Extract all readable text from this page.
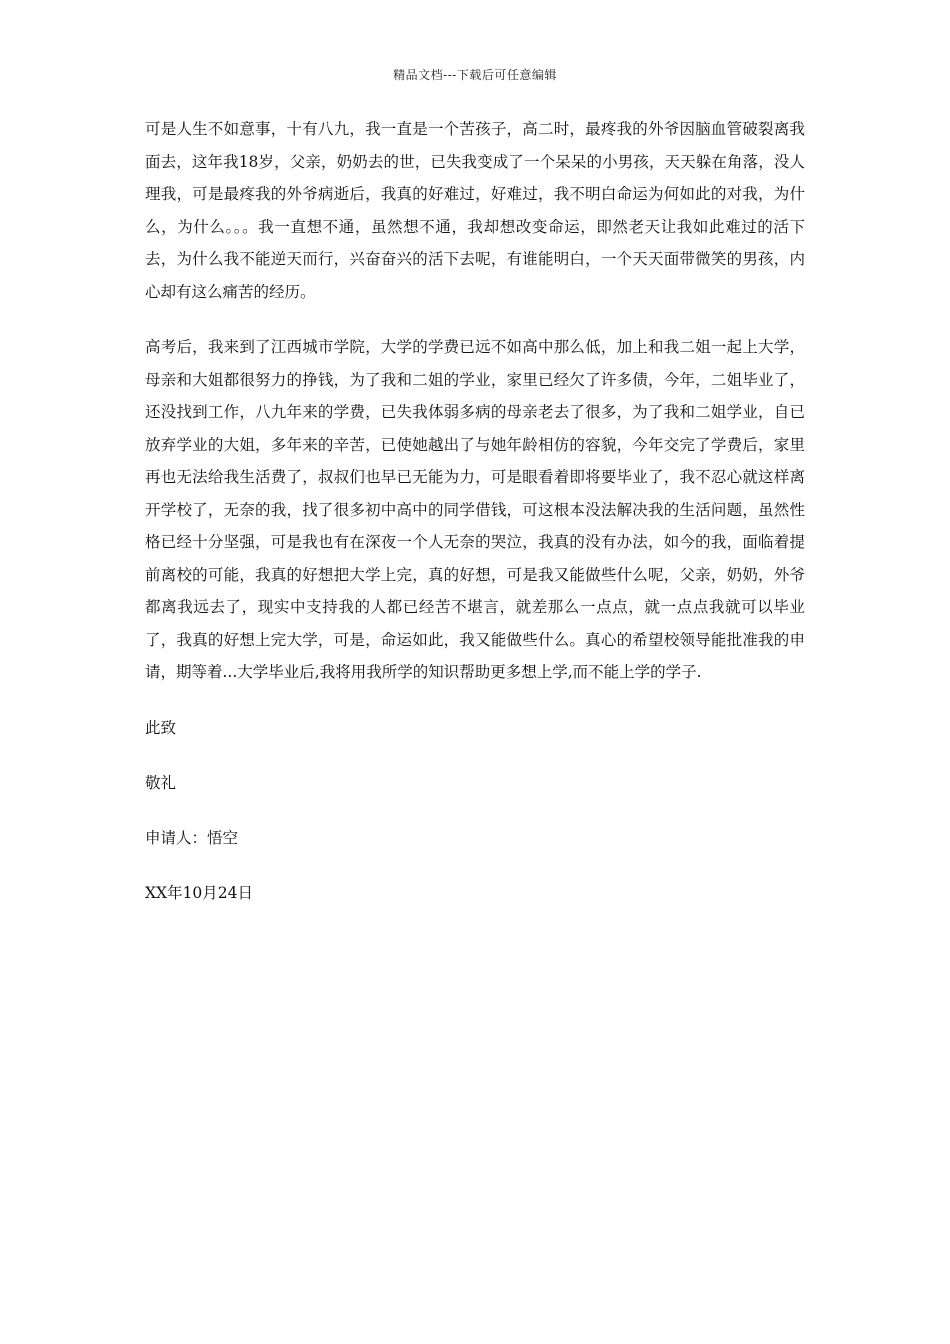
精品文档---下载后可任意编辑

可是人生不如意事，十有八九，我一直是一个苦孩子，高二时，最疼我的外爷因脑血管破裂离我面去，这年我18岁，父亲，奶奶去的世，已失我变成了一个呆呆的小男孩，天天躲在角落，没人理我，可是最疼我的外爷病逝后，我真的好难过，好难过，我不明白命运为何如此的对我，为什么，为什么。。。我一直想不通，虽然想不通，我却想改变命运，即然老天让我如此难过的活下去，为什么我不能逆天而行，兴奋奋兴的活下去呢，有谁能明白，一个天天面带微笑的男孩，内心却有这么痛苦的经历。

高考后，我来到了江西城市学院，大学的学费已远不如高中那么低，加上和我二姐一起上大学，母亲和大姐都很努力的挣钱，为了我和二姐的学业，家里已经欠了许多债，今年，二姐毕业了，还没找到工作，八九年来的学费，已失我体弱多病的母亲老去了很多，为了我和二姐学业，自已放弃学业的大姐，多年来的辛苦，已使她越出了与她年龄相仿的容貌，今年交完了学费后，家里再也无法给我生活费了，叔叔们也早已无能为力，可是眼看着即将要毕业了，我不忍心就这样离开学校了，无奈的我，找了很多初中高中的同学借钱，可这根本没法解决我的生活问题，虽然性格已经十分坚强，可是我也有在深夜一个人无奈的哭泣，我真的没有办法，如今的我，面临着提前离校的可能，我真的好想把大学上完，真的好想，可是我又能做些什么呢，父亲，奶奶，外爷都离我远去了，现实中支持我的人都已经苦不堪言，就差那么一点点，就一点点我就可以毕业了，我真的好想上完大学，可是，命运如此，我又能做些什么。真心的希望校领导能批准我的申请，期等着...大学毕业后,我将用我所学的知识帮助更多想上学,而不能上学的学子.

此致

敬礼

申请人：悟空

XX年10月24日
